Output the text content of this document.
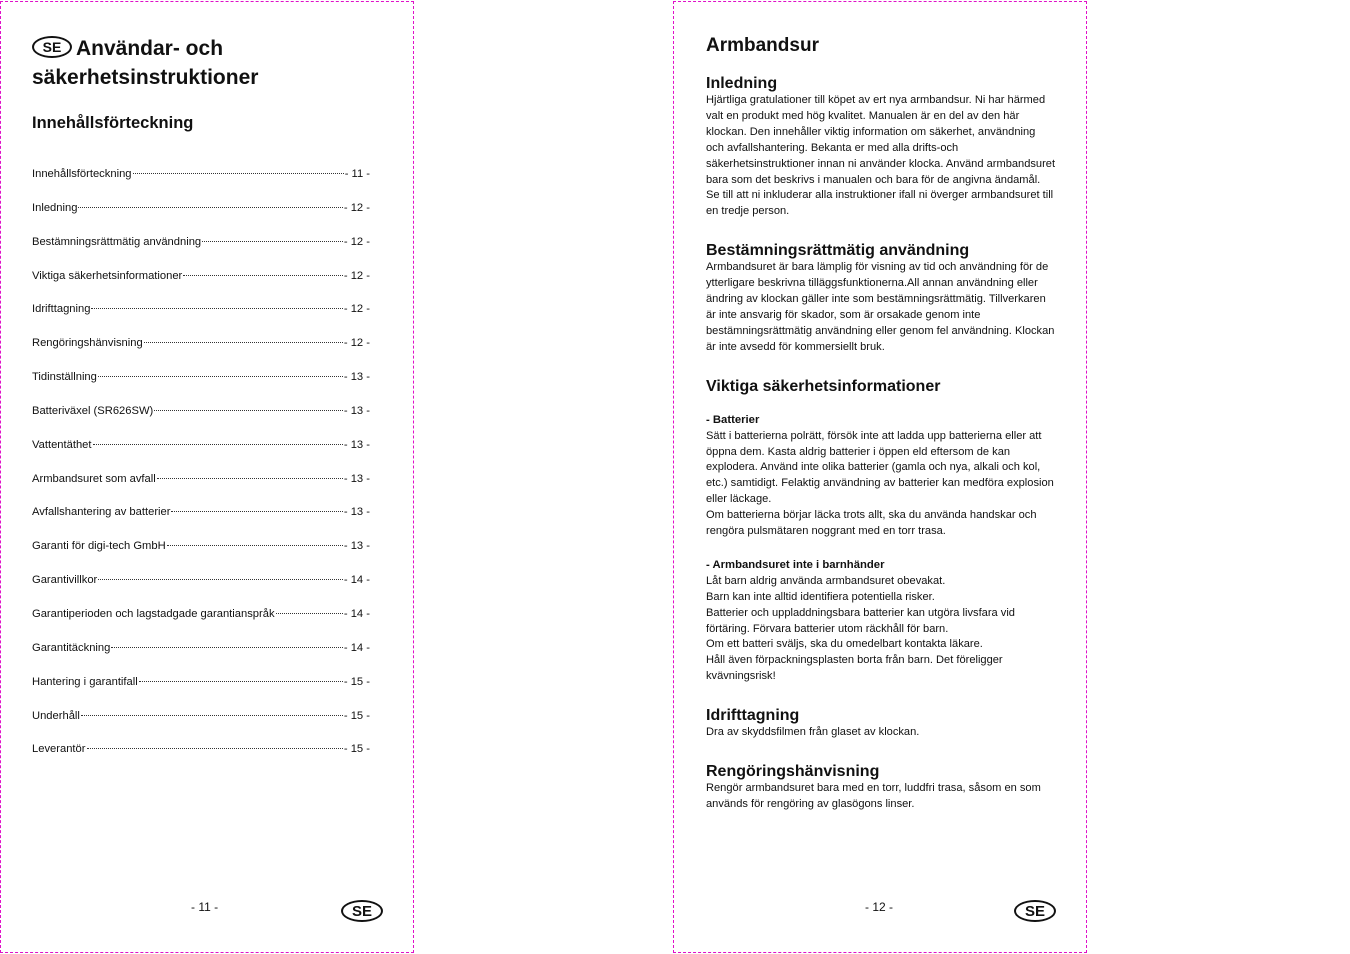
SE Användar- och
säkerhetsinstruktioner
Innehållsförteckning
Innehållsförteckning	- 11 -
Inledning	- 12 -
Bestämningsrättmätig användning	- 12 -
Viktiga säkerhetsinformationer	- 12 -
Idrifttagning	- 12 -
Rengöringshänvisning	- 12 -
Tidinställning	- 13 -
Batteriväxel (SR626SW)	- 13 -
Vattentäthet	- 13 -
Armbandsuret som avfall	- 13 -
Avfallshantering av batterier	- 13 -
Garanti för digi-tech GmbH	- 13 -
Garantivillkor	- 14 -
Garantiperioden och lagstadgade garantianspråk	- 14 -
Garantitäckning	- 14 -
Hantering i garantifall	- 15 -
Underhåll	- 15 -
Leverantör	- 15 -
- 11 -	SE
Armbandsur
Inledning
Hjärtliga gratulationer till köpet av ert nya armbandsur. Ni har härmed valt en produkt med hög kvalitet. Manualen är en del av den här klockan. Den innehåller viktig information om säkerhet, användning och avfallshantering. Bekanta er med alla drifts-och säkerhetsinstruktioner innan ni använder klocka. Använd armbandsuret bara som det beskrivs i manualen och bara för de angivna ändamål.
Se till att ni inkluderar alla instruktioner ifall ni överger armbandsuret till en tredje person.
Bestämningsrättmätig användning
Armbandsuret är bara lämplig för visning av tid och användning för de ytterligare beskrivna tilläggsfunktionerna.All annan användning eller ändring av klockan gäller inte som bestämningsrättmätig. Tillverkaren är inte ansvarig för skador, som är orsakade genom inte bestämningsrättmätig användning eller genom fel användning. Klockan är inte avsedd för kommersiellt bruk.
Viktiga säkerhetsinformationer
- Batterier
Sätt i batterierna polrätt, försök inte att ladda upp batterierna eller att öppna dem. Kasta aldrig batterier i öppen eld eftersom de kan explodera. Använd inte olika batterier (gamla och nya, alkali och kol, etc.) samtidigt. Felaktig användning av batterier kan medföra explosion eller läckage.
Om batterierna börjar läcka trots allt, ska du använda handskar och rengöra pulsmätaren noggrant med en torr trasa.
- Armbandsuret inte i barnhänder
Låt barn aldrig använda armbandsuret obevakat.
Barn kan inte alltid identifiera potentiella risker.
Batterier och uppladdningsbara batterier kan utgöra livsfara vid förtäring. Förvara batterier utom räckhåll för barn.
Om ett batteri sväljs, ska du omedelbart kontakta läkare.
Håll även förpackningsplasten borta från barn. Det föreligger kvävningsrisk!
Idrifttagning
Dra av skyddsfilmen från glaset av klockan.
Rengöringshänvisning
Rengör armbandsuret bara med en torr, luddfri trasa, såsom en som används för rengöring av glasögons linser.
- 12 -	SE
